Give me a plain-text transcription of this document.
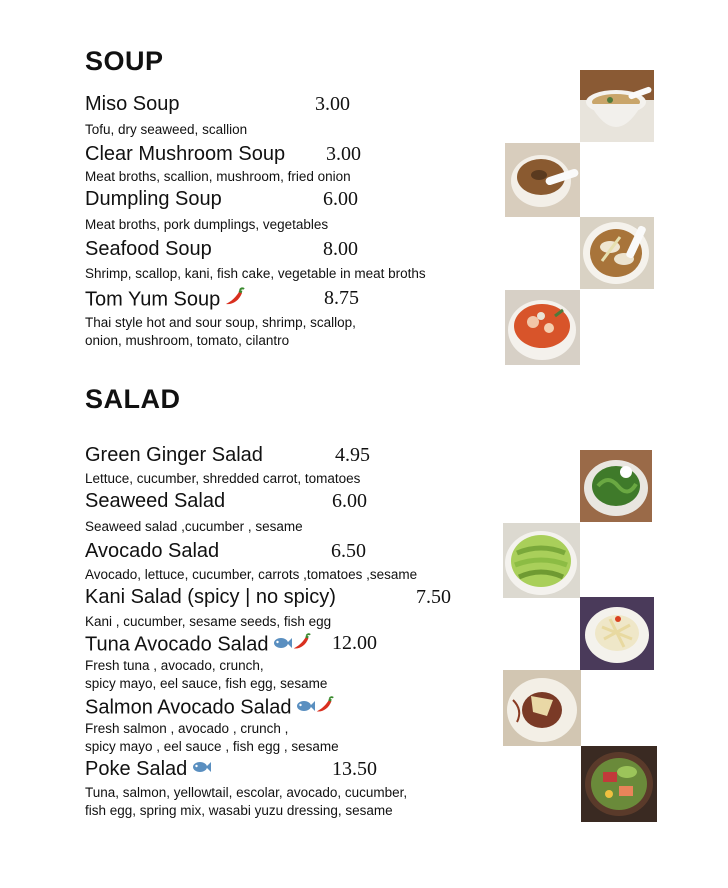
SOUP
Miso Soup	3.00
Tofu, dry seaweed, scallion
Clear Mushroom Soup 3.00
Meat broths, scallion, mushroom, fried onion
Dumpling Soup	6.00
Meat broths, pork dumplings, vegetables
Seafood Soup	8.00
Shrimp, scallop, kani, fish cake, vegetable in meat broths
Tom Yum Soup	8.75
Thai style hot and sour soup, shrimp, scallop,
onion, mushroom, tomato, cilantro
SALAD
Green Ginger Salad	4.95
Lettuce, cucumber, shredded carrot, tomatoes
Seaweed Salad	6.00
Seaweed salad ,cucumber , sesame
Avocado Salad	6.50
Avocado, lettuce, cucumber, carrots ,tomatoes ,sesame
Kani Salad (spicy | no spicy)	7.50
Kani , cucumber, sesame seeds, fish egg
Tuna Avocado Salad	12.00
Fresh tuna , avocado, crunch,
spicy mayo, eel sauce, fish egg, sesame
Salmon Avocado Salad
Fresh salmon , avocado , crunch ,
spicy mayo , eel sauce , fish egg , sesame
Poke Salad	13.50
Tuna, salmon, yellowtail, escolar, avocado, cucumber,
fish egg, spring mix, wasabi yuzu dressing, sesame
